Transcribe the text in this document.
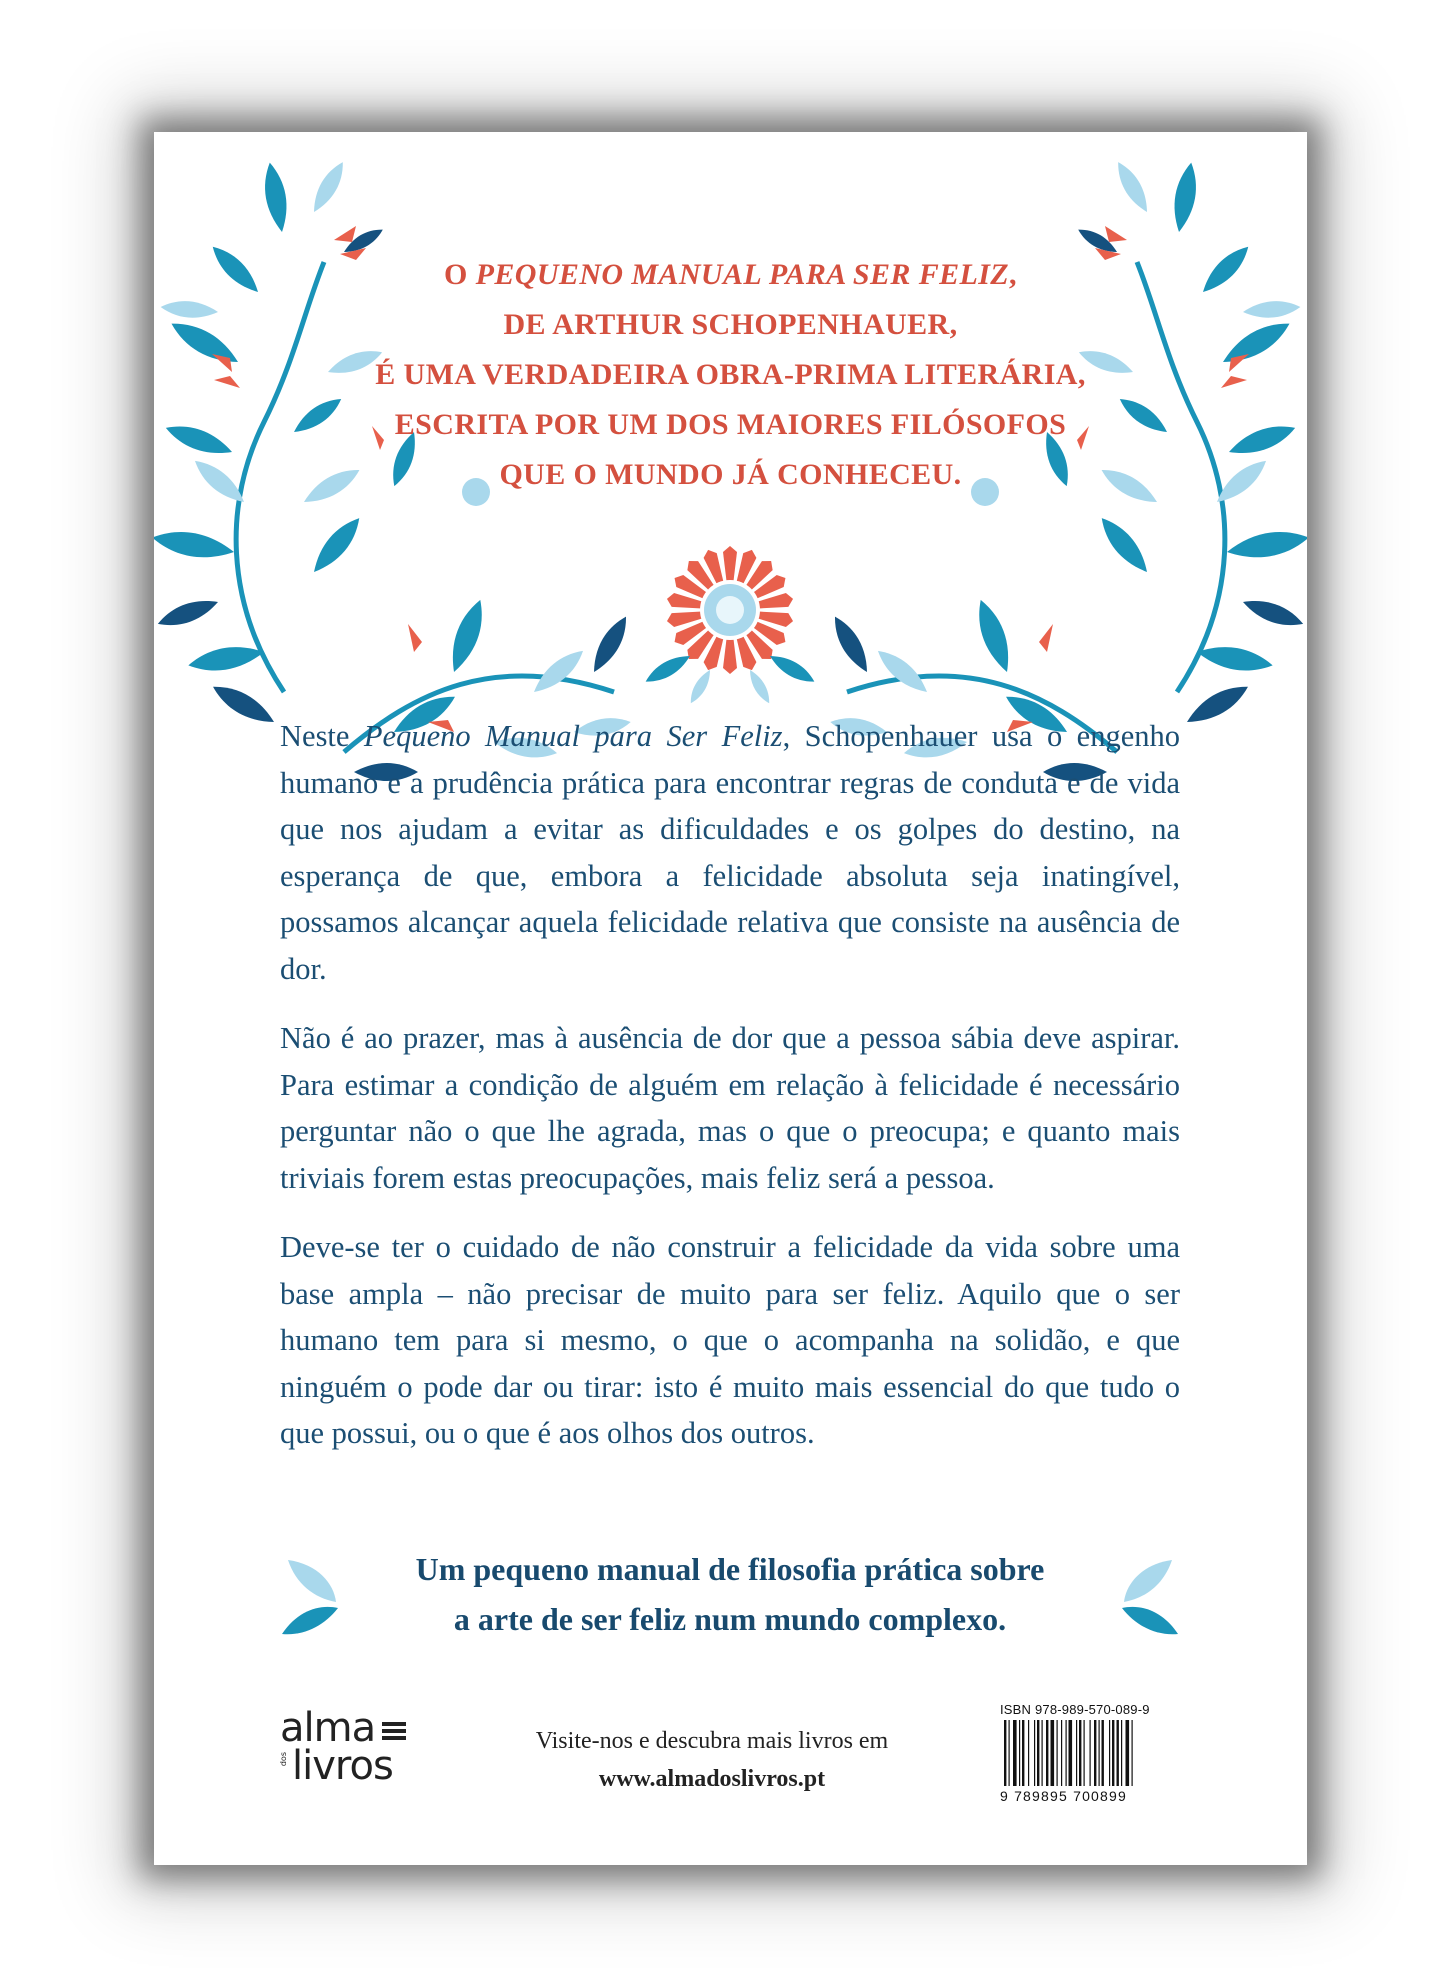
O PEQUENO MANUAL PARA SER FELIZ,
DE ARTHUR SCHOPENHAUER,
É UMA VERDADEIRA OBRA-PRIMA LITERÁRIA,
ESCRITA POR UM DOS MAIORES FILÓSOFOS
QUE O MUNDO JÁ CONHECEU.

Neste Pequeno Manual para Ser Feliz, Schopenhauer usa o engenho humano e a prudência prática para encontrar regras de conduta e de vida que nos ajudam a evitar as dificuldades e os golpes do destino, na esperança de que, embora a felicidade absoluta seja inatingível, possamos alcançar aquela felicidade relativa que consiste na ausência de dor.

Não é ao prazer, mas à ausência de dor que a pessoa sábia deve aspirar. Para estimar a condição de alguém em relação à felicidade é necessário perguntar não o que lhe agrada, mas o que o preocupa; e quanto mais triviais forem estas preocupações, mais feliz será a pessoa.

Deve-se ter o cuidado de não construir a felicidade da vida sobre uma base ampla – não precisar de muito para ser feliz. Aquilo que o ser humano tem para si mesmo, o que o acompanha na solidão, e que ninguém o pode dar ou tirar: isto é muito mais essencial do que tudo o que possui, ou o que é aos olhos dos outros.

Um pequeno manual de filosofia prática sobre
a arte de ser feliz num mundo complexo.

alma
dos livros

Visite-nos e descubra mais livros em
www.almadoslivros.pt

ISBN 978-989-570-089-9
9 789895 700899
